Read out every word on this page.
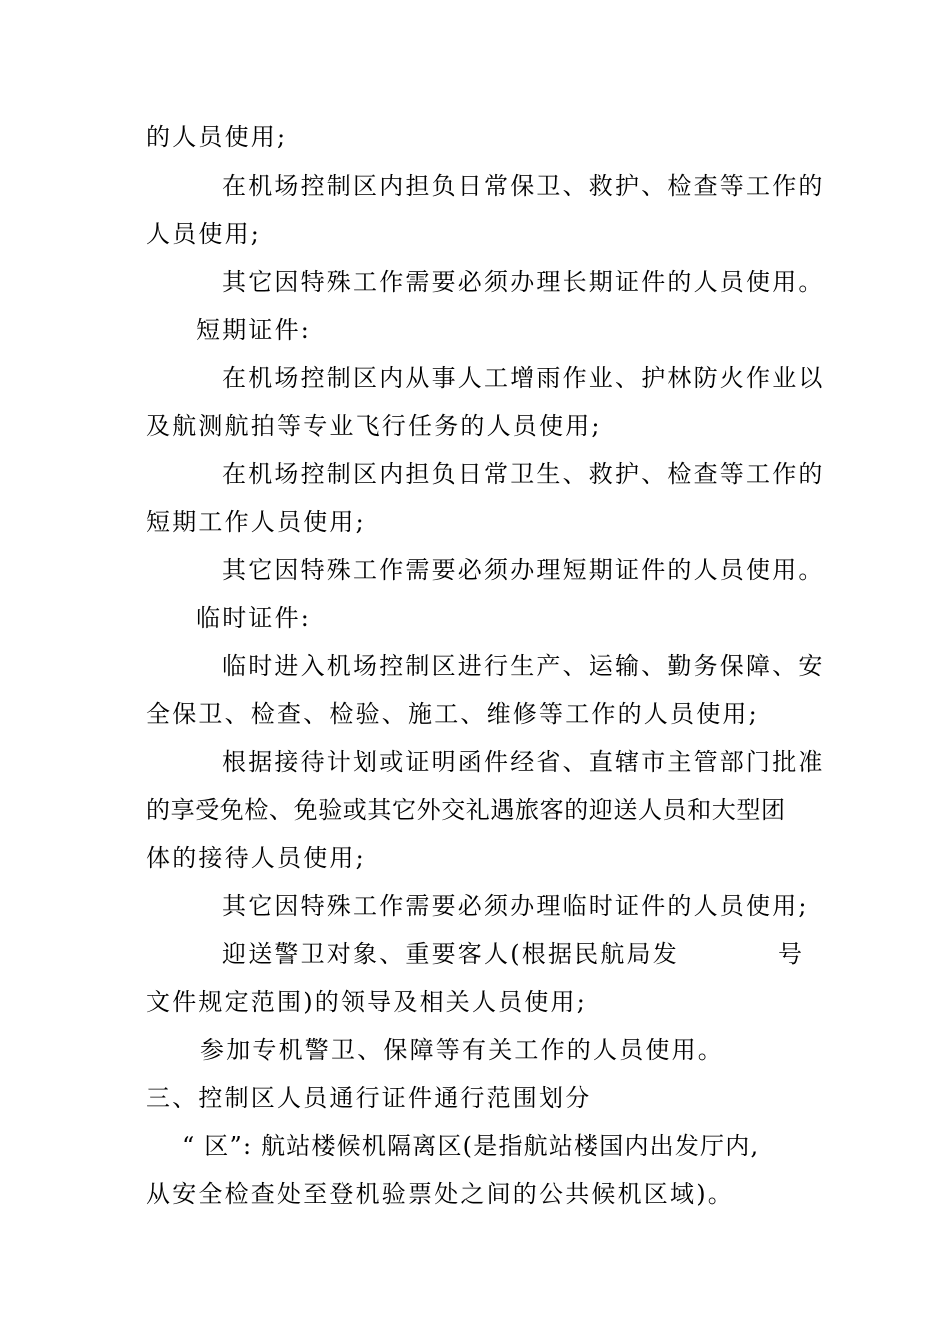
的人员使用;
在机场控制区内担负日常保卫、救护、检查等工作的
人员使用;
其它因特殊工作需要必须办理长期证件的人员使用。
短期证件:
在机场控制区内从事人工增雨作业、护林防火作业以
及航测航拍等专业飞行任务的人员使用;
在机场控制区内担负日常卫生、救护、检查等工作的
短期工作人员使用;
其它因特殊工作需要必须办理短期证件的人员使用。
临时证件:
临时进入机场控制区进行生产、运输、勤务保障、安
全保卫、检查、检验、施工、维修等工作的人员使用;
根据接待计划或证明函件经省、直辖市主管部门批准
的享受免检、免验或其它外交礼遇旅客的迎送人员和大型团
体的接待人员使用;
其它因特殊工作需要必须办理临时证件的人员使用;
迎送警卫对象、重要客人(根据民航局发	号
文件规定范围)的领导及相关人员使用;
参加专机警卫、保障等有关工作的人员使用。
三、控制区人员通行证件通行范围划分
“ 区”: 航站楼候机隔离区(是指航站楼国内出发厅内,
从安全检查处至登机验票处之间的公共候机区域)。
